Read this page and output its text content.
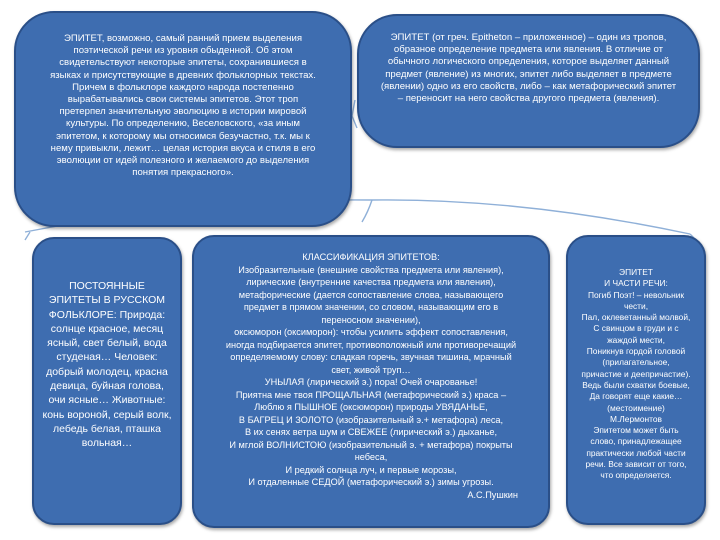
ЭПИТЕТ, возможно, самый ранний прием выделения поэтической речи из уровня обыденной. Об этом свидетельствуют некоторые эпитеты, сохранившиеся в языках и присутствующие в древних фольклорных текстах. Причем в фольклоре каждого народа постепенно вырабатывались свои системы эпитетов. Этот троп претерпел значительную эволюцию в истории мировой культуры. По определению, Веселовского, «за иным эпитетом, к которому мы относимся безучастно, т.к. мы к нему привыкли, лежит… целая история вкуса и стиля в его эволюции от идей полезного и желаемого до выделения понятия прекрасного».

ЭПИТЕТ (от греч. Epitheton – приложенное) – один из тропов, образное определение предмета или явления. В отличие от обычного логического определения, которое выделяет данный предмет (явление) из многих, эпитет либо выделяет в предмете (явлении) одно из его свойств, либо – как метафорический эпитет – переносит на него свойства другого предмета (явления).

ПОСТОЯННЫЕ ЭПИТЕТЫ В РУССКОМ ФОЛЬКЛОРЕ: Природа: солнце красное, месяц ясный, свет белый, вода студеная… Человек: добрый молодец, красна девица, буйная голова, очи ясные… Животные: конь вороной, серый волк, лебедь белая, пташка вольная…

КЛАССИФИКАЦИЯ ЭПИТЕТОВ:
Изобразительные (внешние свойства предмета или явления),
лирические (внутренние качества предмета или явления),
метафорические (дается сопоставление слова, называющего
предмет в прямом значении, со словом, называющим его в
переносном значении),
оксюморон (оксиморон): чтобы усилить эффект сопоставления,
иногда подбирается эпитет, противоположный или противоречащий
определяемому слову: сладкая горечь, звучная тишина, мрачный
свет, живой труп…
УНЫЛАЯ (лирический э.) пора! Очей очарованье!
Приятна мне твоя ПРОЩАЛЬНАЯ (метафорический э.) краса –
Люблю я ПЫШНОЕ (оксюморон) природы УВЯДАНЬЕ,
В БАГРЕЦ И ЗОЛОТО (изобразительный э.+ метафора) леса,
В их сенях ветра шум и СВЕЖЕЕ (лирический э.) дыханье,
И мглой ВОЛНИСТОЮ (изобразительный э. + метафора) покрыты
небеса,
И редкий солнца луч, и первые морозы,
И отдаленные СЕДОЙ (метафорический э.) зимы угрозы.
А.С.Пушкин
ЭПИТЕТ
И ЧАСТИ РЕЧИ:
Погиб Поэт! – невольник
чести,
Пал, оклеветанный молвой,
С свинцом в груди и с
жаждой мести,
Поникнув гордой головой
(прилагательное,
причастие и деепричастие).
Ведь были схватки боевые,
Да говорят еще какие…
(местоимение)
М.Лермонтов
Эпитетом может быть
слово, принадлежащее
практически любой части
речи. Все зависит от того,
что определяется.
